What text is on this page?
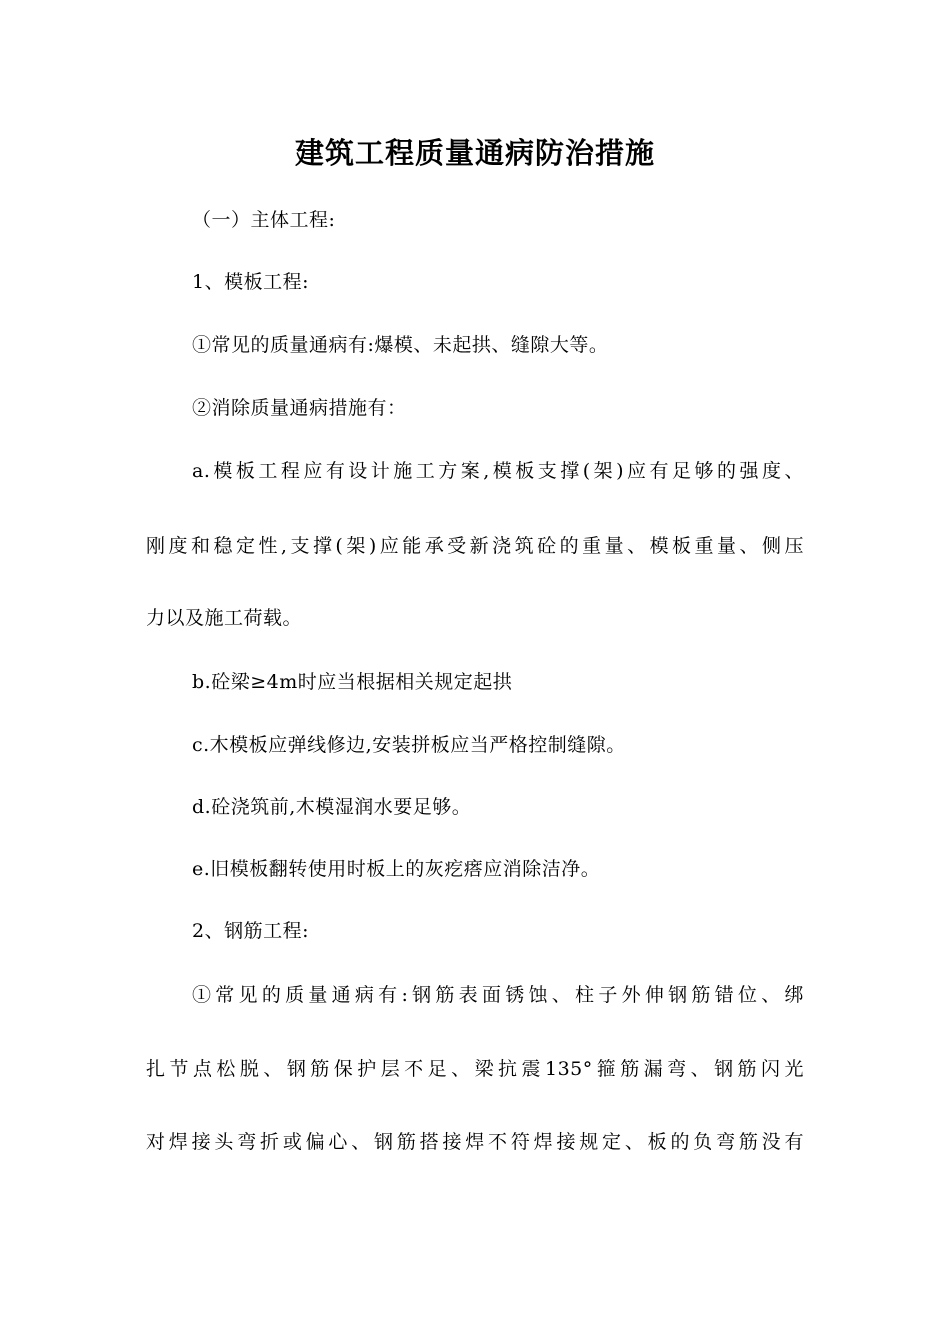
建筑工程质量通病防治措施
（一）主体工程:
1、模板工程:
①常见的质量通病有:爆模、未起拱、缝隙大等。
②消除质量通病措施有：
a.模板工程应有设计施工方案,模板支撑(架)应有足够的强度、
刚度和稳定性,支撑(架)应能承受新浇筑砼的重量、模板重量、侧压
力以及施工荷载。
b.砼梁≥4m时应当根据相关规定起拱
c.木模板应弹线修边,安装拼板应当严格控制缝隙。
d.砼浇筑前,木模湿润水要足够。
e.旧模板翻转使用时板上的灰疙瘩应消除洁净。
2、钢筋工程:
①常见的质量通病有:钢筋表面锈蚀、柱子外伸钢筋错位、绑
扎节点松脱、钢筋保护层不足、梁抗震135°箍筋漏弯、钢筋闪光
对焊接头弯折或偏心、钢筋搭接焊不符焊接规定、板的负弯筋没有
